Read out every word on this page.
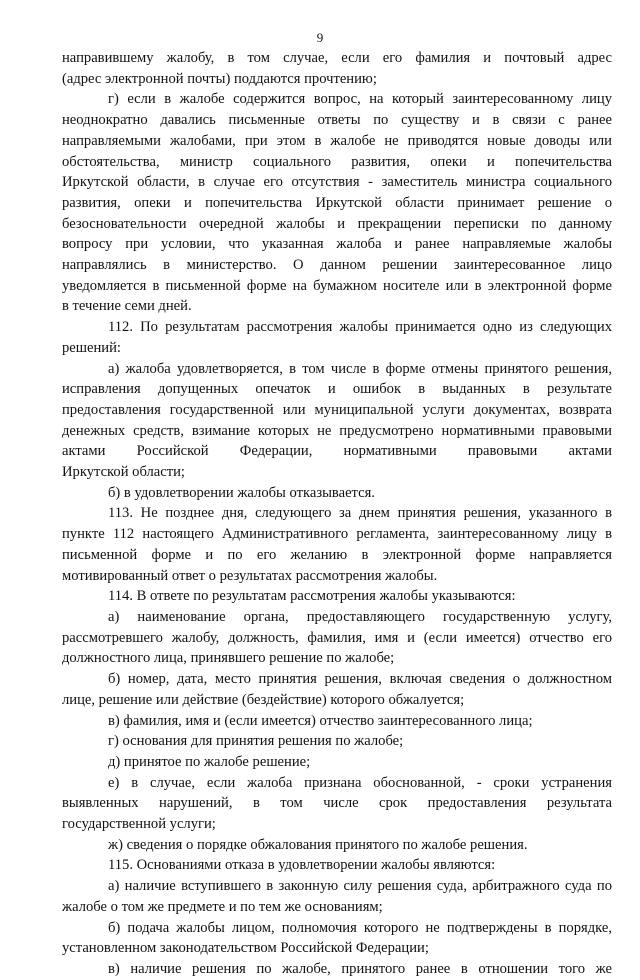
9
направившему жалобу, в том случае, если его фамилия и почтовый адрес
(адрес электронной почты) поддаются прочтению;
г) если в жалобе содержится вопрос, на который заинтересованному лицу
неоднократно давались письменные ответы по существу и в связи с ранее
направляемыми жалобами, при этом в жалобе не приводятся новые доводы или
обстоятельства, министр социального развития, опеки и попечительства
Иркутской области, в случае его отсутствия - заместитель министра социального
развития, опеки и попечительства Иркутской области принимает решение о
безосновательности очередной жалобы и прекращении переписки по данному
вопросу при условии, что указанная жалоба и ранее направляемые жалобы
направлялись в министерство. О данном решении заинтересованное лицо
уведомляется в письменной форме на бумажном носителе или в электронной форме
в течение семи дней.
112. По результатам рассмотрения жалобы принимается одно из следующих
решений:
а) жалоба удовлетворяется, в том числе в форме отмены принятого решения,
исправления допущенных опечаток и ошибок в выданных в результате
предоставления государственной или муниципальной услуги документах, возврата
денежных средств, взимание которых не предусмотрено нормативными правовыми
актами Российской Федерации, нормативными правовыми актами
Иркутской области;
б) в удовлетворении жалобы отказывается.
113. Не позднее дня, следующего за днем принятия решения, указанного в
пункте 112 настоящего Административного регламента, заинтересованному лицу в
письменной форме и по его желанию в электронной форме направляется
мотивированный ответ о результатах рассмотрения жалобы.
114. В ответе по результатам рассмотрения жалобы указываются:
а) наименование органа, предоставляющего государственную услугу,
рассмотревшего жалобу, должность, фамилия, имя и (если имеется) отчество его
должностного лица, принявшего решение по жалобе;
б) номер, дата, место принятия решения, включая сведения о должностном
лице, решение или действие (бездействие) которого обжалуется;
в) фамилия, имя и (если имеется) отчество заинтересованного лица;
г) основания для принятия решения по жалобе;
д) принятое по жалобе решение;
е) в случае, если жалоба признана обоснованной, - сроки устранения
выявленных нарушений, в том числе срок предоставления результата
государственной услуги;
ж) сведения о порядке обжалования принятого по жалобе решения.
115. Основаниями отказа в удовлетворении жалобы являются:
а) наличие вступившего в законную силу решения суда, арбитражного суда по
жалобе о том же предмете и по тем же основаниям;
б) подача жалобы лицом, полномочия которого не подтверждены в порядке,
установленном законодательством Российской Федерации;
в) наличие решения по жалобе, принятого ранее в отношении того же
